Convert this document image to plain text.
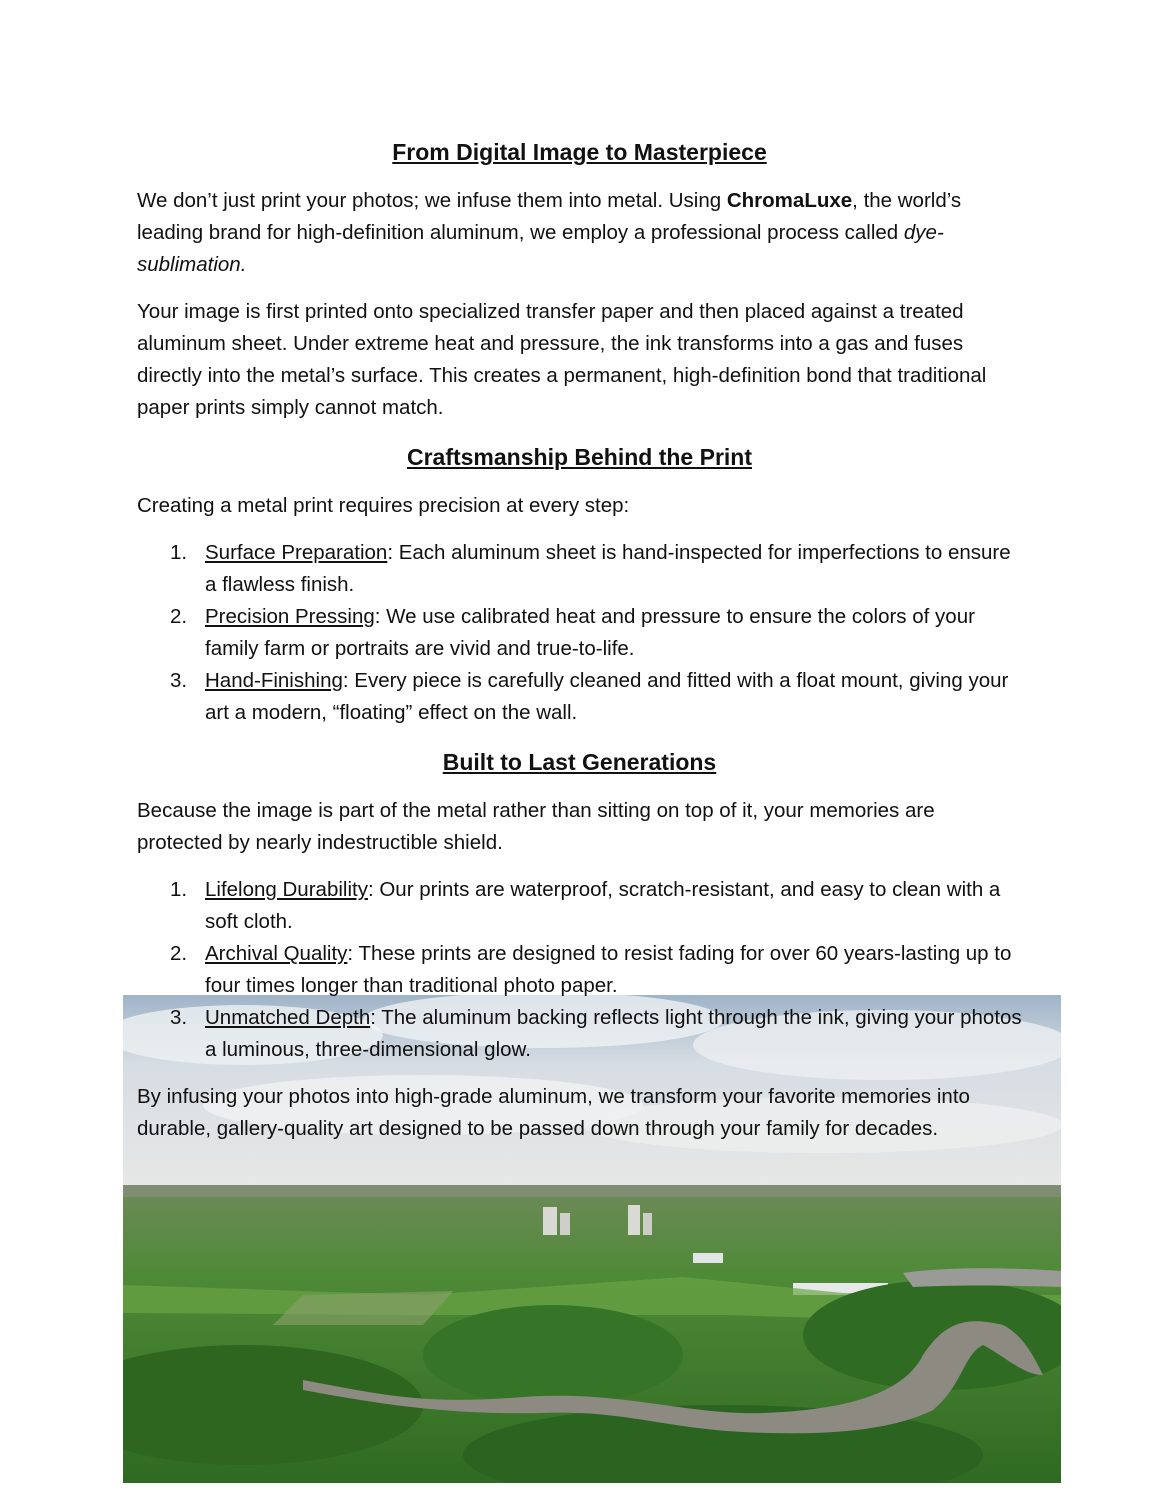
From Digital Image to Masterpiece

We don’t just print your photos; we infuse them into metal. Using ChromaLuxe, the world’s leading brand for high-definition aluminum, we employ a professional process called dye-sublimation.

Your image is first printed onto specialized transfer paper and then placed against a treated aluminum sheet. Under extreme heat and pressure, the ink transforms into a gas and fuses directly into the metal’s surface. This creates a permanent, high-definition bond that traditional paper prints simply cannot match.

Craftsmanship Behind the Print

Creating a metal print requires precision at every step:

1. Surface Preparation: Each aluminum sheet is hand-inspected for imperfections to ensure a flawless finish.
2. Precision Pressing: We use calibrated heat and pressure to ensure the colors of your family farm or portraits are vivid and true-to-life.
3. Hand-Finishing: Every piece is carefully cleaned and fitted with a float mount, giving your art a modern, “floating” effect on the wall.
Built to Last Generations

Because the image is part of the metal rather than sitting on top of it, your memories are protected by nearly indestructible shield.

1. Lifelong Durability: Our prints are waterproof, scratch-resistant, and easy to clean with a soft cloth.
2. Archival Quality: These prints are designed to resist fading for over 60 years-lasting up to four times longer than traditional photo paper.
3. Unmatched Depth: The aluminum backing reflects light through the ink, giving your photos a luminous, three-dimensional glow.

By infusing your photos into high-grade aluminum, we transform your favorite memories into durable, gallery-quality art designed to be passed down through your family for decades.
